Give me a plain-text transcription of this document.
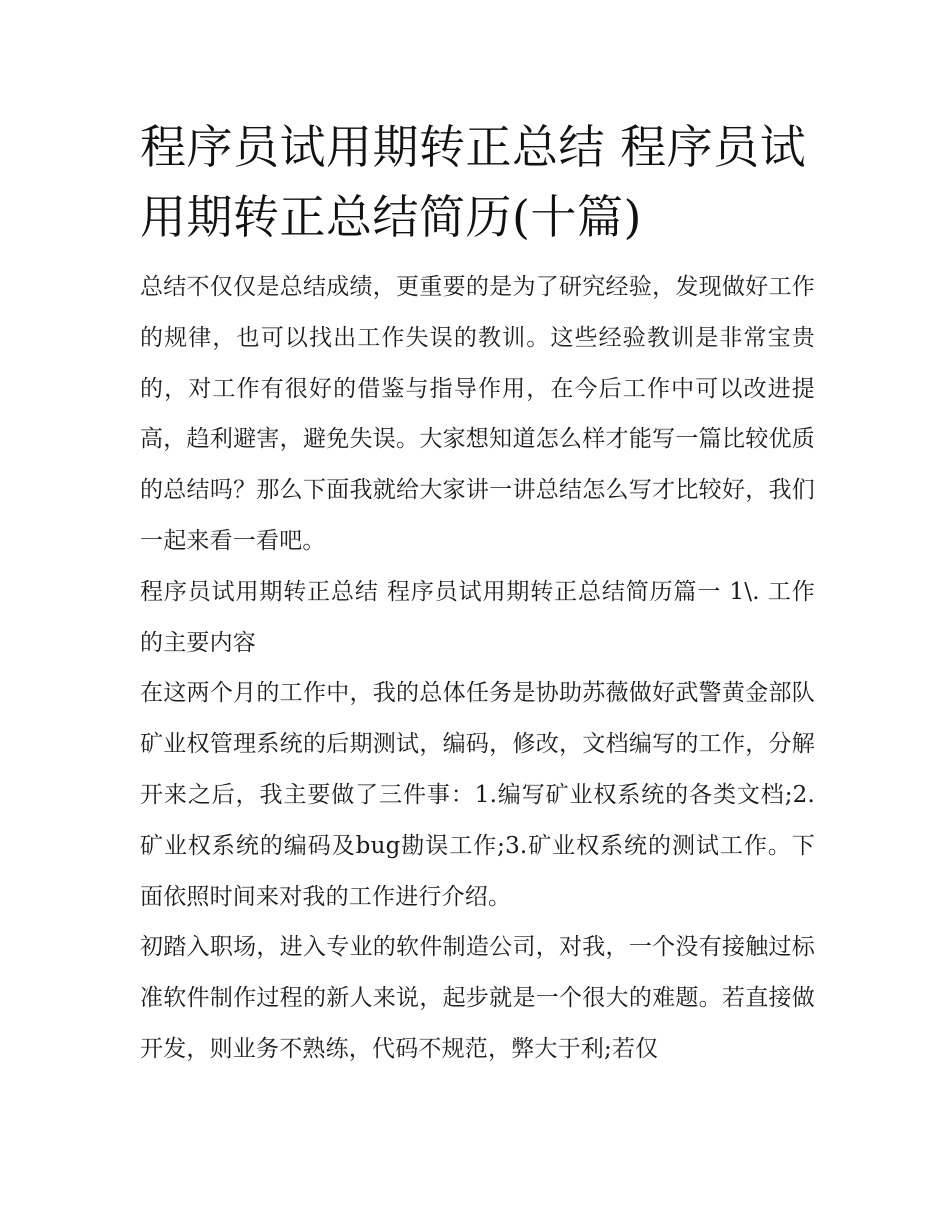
程序员试用期转正总结 程序员试用期转正总结简历(十篇)

总结不仅仅是总结成绩，更重要的是为了研究经验，发现做好工作的规律，也可以找出工作失误的教训。这些经验教训是非常宝贵的，对工作有很好的借鉴与指导作用，在今后工作中可以改进提高，趋利避害，避免失误。大家想知道怎么样才能写一篇比较优质的总结吗？那么下面我就给大家讲一讲总结怎么写才比较好，我们一起来看一看吧。

程序员试用期转正总结 程序员试用期转正总结简历篇一 1\. 工作的主要内容

在这两个月的工作中，我的总体任务是协助苏薇做好武警黄金部队矿业权管理系统的后期测试，编码，修改，文档编写的工作，分解开来之后，我主要做了三件事：1.编写矿业权系统的各类文档;2.矿业权系统的编码及bug勘误工作;3.矿业权系统的测试工作。下面依照时间来对我的工作进行介绍。

初踏入职场，进入专业的软件制造公司，对我，一个没有接触过标准软件制作过程的新人来说，起步就是一个很大的难题。若直接做开发，则业务不熟练，代码不规范，弊大于利;若仅
